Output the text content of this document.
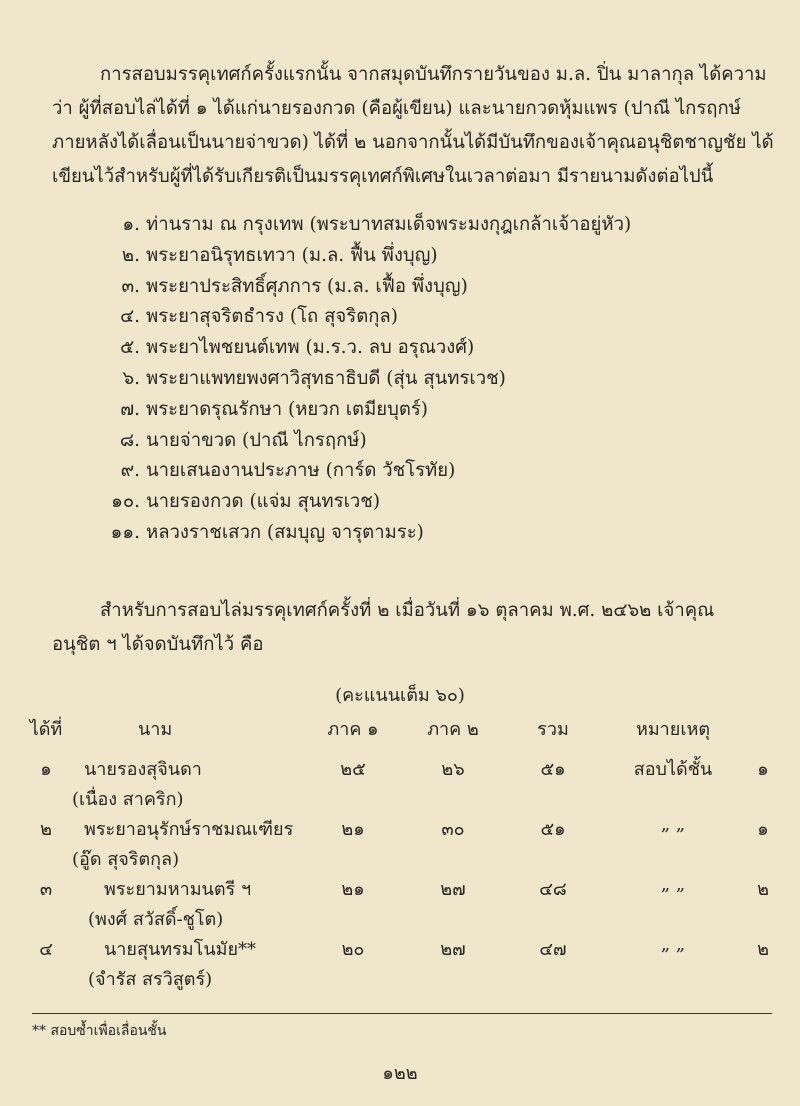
การสอบมรรคุเทศก์ครั้งแรกนั้น จากสมุดบันทึกรายวันของ ม.ล. ปิ่น มาลากุล ได้ความ
ว่า ผู้ที่สอบไล่ได้ที่ ๑ ได้แก่นายรองกวด (คือผู้เขียน) และนายกวดหุ้มแพร (ปาณี ไกรฤกษ์
ภายหลังได้เลื่อนเป็นนายจ่าขวด) ได้ที่ ๒ นอกจากนั้นได้มีบันทึกของเจ้าคุณอนุชิตชาญชัย ได้
เขียนไว้สำหรับผู้ที่ได้รับเกียรติเป็นมรรคุเทศก์พิเศษในเวลาต่อมา มีรายนามดังต่อไปนี้
๑. ท่านราม ณ กรุงเทพ (พระบาทสมเด็จพระมงกุฎเกล้าเจ้าอยู่หัว)
๒. พระยาอนิรุทธเทวา (ม.ล. ฟื้น พึ่งบุญ)
๓. พระยาประสิทธิ์ศุภการ (ม.ล. เฟื้อ พึ่งบุญ)
๔. พระยาสุจริตธำรง (โถ สุจริตกุล)
๕. พระยาไพชยนต์เทพ (ม.ร.ว. ลบ อรุณวงศ์)
๖. พระยาแพทยพงศาวิสุทธาธิบดี (สุ่น สุนทรเวช)
๗. พระยาดรุณรักษา (หยวก เตมียบุตร์)
๘. นายจ่าขวด (ปาณี ไกรฤกษ์)
๙. นายเสนองานประภาษ (การ์ด วัชโรทัย)
๑๐. นายรองกวด (แจ่ม สุนทรเวช)
๑๑. หลวงราชเสวก (สมบุญ จารุตามระ)
สำหรับการสอบไล่มรรคุเทศก์ครั้งที่ ๒ เมื่อวันที่ ๑๖ ตุลาคม พ.ศ. ๒๔๖๒ เจ้าคุณ
อนุชิต ฯ ได้จดบันทึกไว้ คือ
(คะแนนเต็ม ๖๐)
ได้ที่	นาม	ภาค ๑	ภาค ๒	รวม	หมายเหตุ
๑	นายรองสุจินดา	๒๕	๒๖	๕๑	สอบได้ชั้น	๑
(เนื่อง สาคริก)
๒	พระยาอนุรักษ์ราชมณเฑียร	๒๑	๓๐	๕๑	„ „	๑
(อู๊ด สุจริตกุล)
๓	พระยามหามนตรี ฯ	๒๑	๒๗	๔๘	„ „	๒
(พงศ์ สวัสดิ์-ชูโต)
๔	นายสุนทรมโนมัย**	๒๐	๒๗	๔๗	„ „	๒
(จำรัส สรวิสูตร์)
** สอบซ้ำเพื่อเลื่อนชั้น
๑๒๒
